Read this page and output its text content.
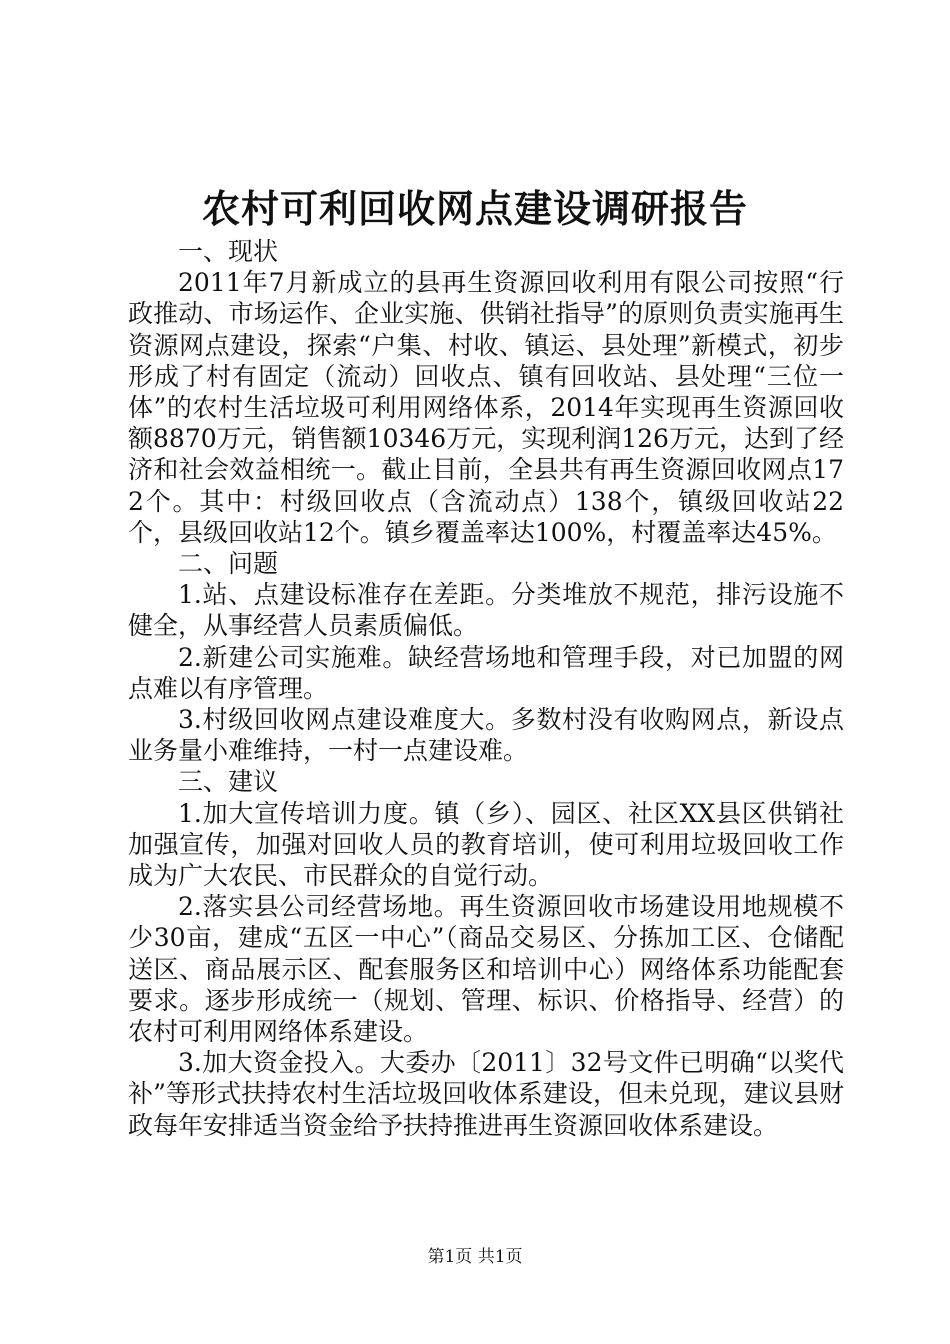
农村可利回收网点建设调研报告

一、现状

2011年7月新成立的县再生资源回收利用有限公司按照“行政推动、市场运作、企业实施、供销社指导”的原则负责实施再生资源网点建设，探索“户集、村收、镇运、县处理”新模式，初步形成了村有固定（流动）回收点、镇有回收站、县处理“三位一体”的农村生活垃圾可利用网络体系，2014年实现再生资源回收额8870万元，销售额10346万元，实现利润126万元，达到了经济和社会效益相统一。截止目前，全县共有再生资源回收网点172个。其中：村级回收点（含流动点）138个，镇级回收站22个，县级回收站12个。镇乡覆盖率达100%，村覆盖率达45%。

二、问题

1.站、点建设标准存在差距。分类堆放不规范，排污设施不健全，从事经营人员素质偏低。

2.新建公司实施难。缺经营场地和管理手段，对已加盟的网点难以有序管理。

3.村级回收网点建设难度大。多数村没有收购网点，新设点业务量小难维持，一村一点建设难。

三、建议

1.加大宣传培训力度。镇（乡）、园区、社区XX县区供销社加强宣传，加强对回收人员的教育培训，使可利用垃圾回收工作成为广大农民、市民群众的自觉行动。

2.落实县公司经营场地。再生资源回收市场建设用地规模不少30亩，建成“五区一中心”（商品交易区、分拣加工区、仓储配送区、商品展示区、配套服务区和培训中心）网络体系功能配套要求。逐步形成统一（规划、管理、标识、价格指导、经营）的农村可利用网络体系建设。

3.加大资金投入。大委办〔2011〕32号文件已明确“以奖代补”等形式扶持农村生活垃圾回收体系建设，但未兑现，建议县财政每年安排适当资金给予扶持推进再生资源回收体系建设。

第1页 共1页
